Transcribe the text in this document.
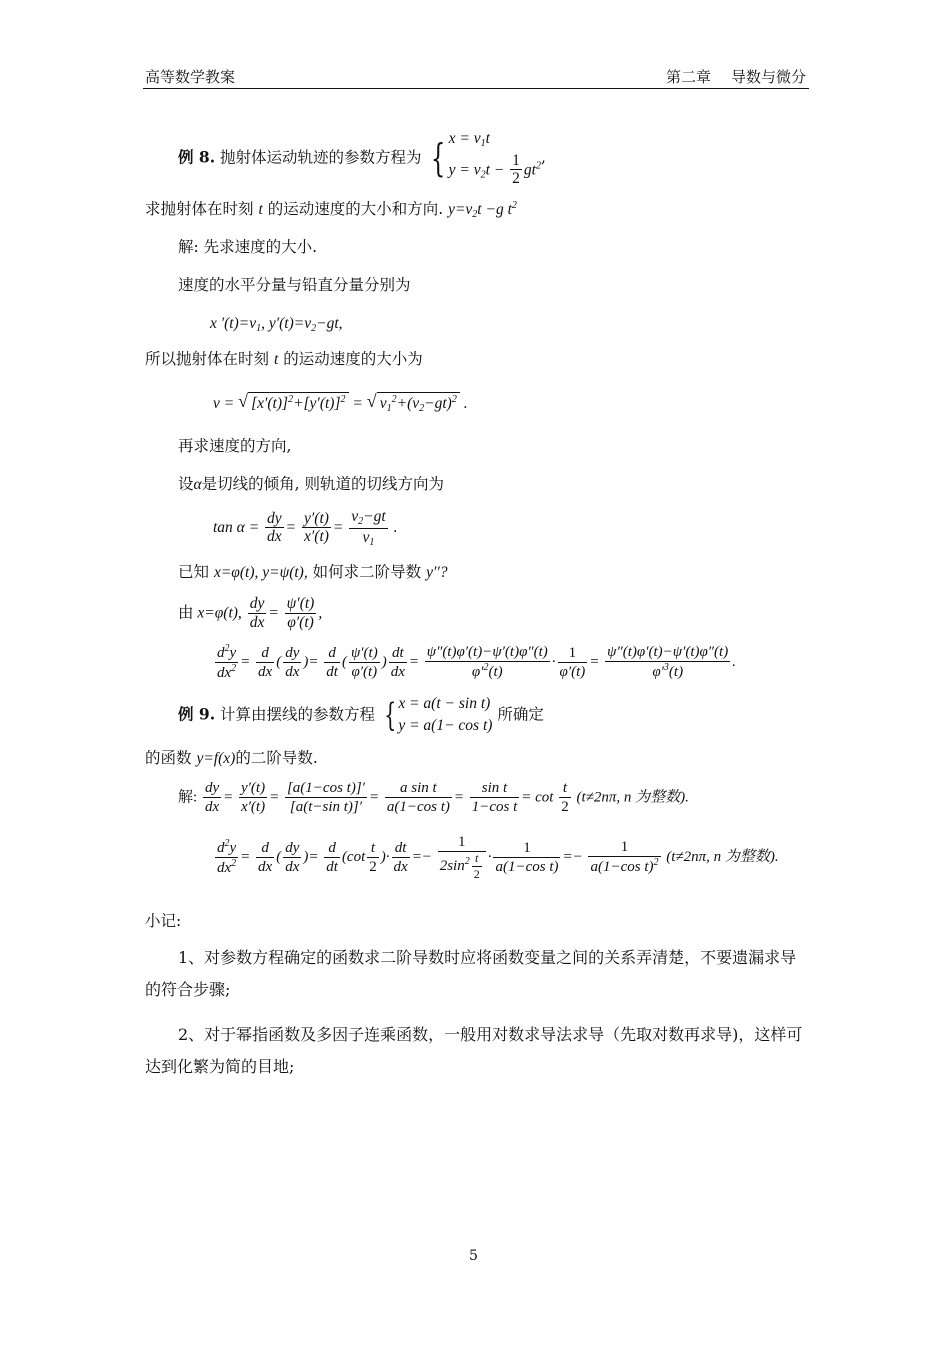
高等数学教案	第二章 导数与微分
例 8. 抛射体运动轨迹的参数方程为 { $x = v_1t$
$y = v_2t - \frac{1}{2} gt^2$ ,
求抛射体在时刻 t 的运动速度的大小和方向. $y=v_2t -g$ $t^2$
解: 先求速度的大小.
速度的水平分量与铅直分量分别为
x $'(t)=v_1$, $y'(t)=v_2-gt$,
所以抛射体在时刻 t 的运动速度的大小为
v = √ $[x'(t)]^2+[y'(t)]^2$ = √ $v_1^2+(v_2-gt)^2$ .
再求速度的方向,
设α是切线的倾角, 则轨道的切线方向为
$\tan \alpha = \frac{dy}{dx} = \frac{y'(t)}{x'(t)} = \frac{v_2-gt}{v_1}$ .
已知 x=φ(t), y=ψ(t), 如何求二阶导数 y′′?
由 x=φ(t), $\frac{dy}{dx} = \frac{\psi'(t)}{\varphi'(t)}$ ,
$\frac{d^2y}{dx^2} = \frac{d}{dx}$ ( $\frac{dy}{dx}$ )= $\frac{d}{dt}$ ( $\frac{\psi'(t)}{\varphi'(t)}$ ) $\frac{dt}{dx} = \frac{\psi''(t)\varphi'(t)-\psi'(t)\varphi''(t)}{\varphi'^2(t)} \cdot \frac{1}{\varphi'(t)} = \frac{\psi''(t)\varphi'(t)-\psi'(t)\varphi''(t)}{\varphi'^3(t)}$ .
例 9. 计算由摆线的参数方程 { x = a(t − sin t)
y = a(1− cos t)
所确定
的函数 y=f(x)的二阶导数.
解: $\frac{dy}{dx} = \frac{y'(t)}{x'(t)} = \frac{\text{[a(1−cos t)]′}}{\text{[a(t−sin t)]′}} = \frac{\text{a sin t}}{\text{a(1−cos t)}} = \frac{\text{sin t}}{\text{1−cos t}} = \cot \frac{t}{2} (t\ne 2n\pi$, n 为整数).
$\frac{d^2y}{dx^2} = \frac{d}{dx}$ ( $\frac{dy}{dx}$ )= $\frac{d}{dt} (\cot \frac{t}{2}$ )· $\frac{dt}{dx} =- \frac{1}{2\sin^2 \frac{t}{2}} \cdot \frac{1}{\text{a(1−cos t)}} =- \frac{1}{a(1-\cos t)^2} (t\ne 2n\pi$, n 为整数).
小记:
1、对参数方程确定的函数求二阶导数时应将函数变量之间的关系弄清楚，不要遗漏求导的符合步骤;
2、对于幂指函数及多因子连乘函数，一般用对数求导法求导（先取对数再求导)，这样可达到化繁为简的目地;
5
